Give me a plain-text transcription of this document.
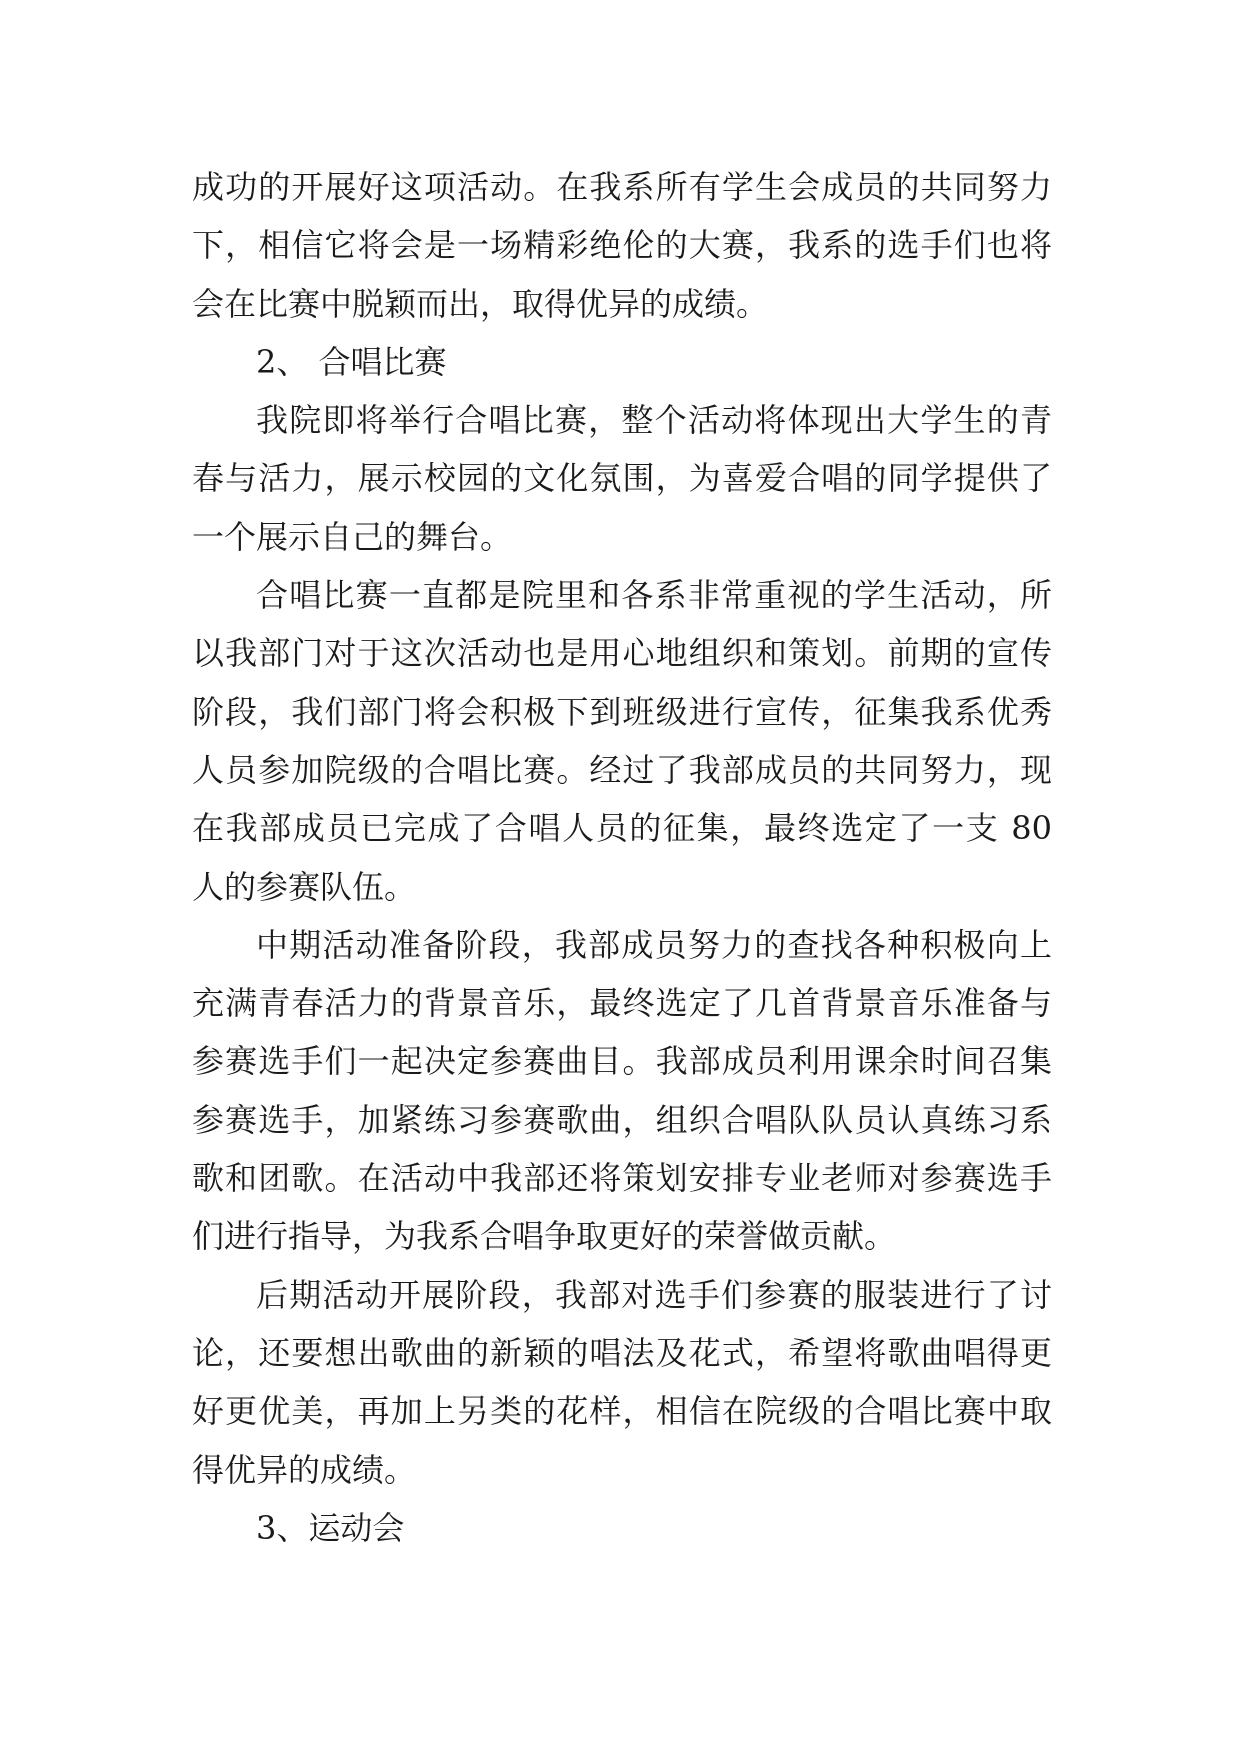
成功的开展好这项活动。在我系所有学生会成员的共同努力
下，相信它将会是一场精彩绝伦的大赛，我系的选手们也将
会在比赛中脱颖而出，取得优异的成绩。
2、 合唱比赛
我院即将举行合唱比赛，整个活动将体现出大学生的青
春与活力，展示校园的文化氛围，为喜爱合唱的同学提供了
一个展示自己的舞台。
合唱比赛一直都是院里和各系非常重视的学生活动，所
以我部门对于这次活动也是用心地组织和策划。前期的宣传
阶段，我们部门将会积极下到班级进行宣传，征集我系优秀
人员参加院级的合唱比赛。经过了我部成员的共同努力，现
在我部成员已完成了合唱人员的征集，最终选定了一支 80
人的参赛队伍。
中期活动准备阶段，我部成员努力的查找各种积极向上
充满青春活力的背景音乐，最终选定了几首背景音乐准备与
参赛选手们一起决定参赛曲目。我部成员利用课余时间召集
参赛选手，加紧练习参赛歌曲，组织合唱队队员认真练习系
歌和团歌。在活动中我部还将策划安排专业老师对参赛选手
们进行指导，为我系合唱争取更好的荣誉做贡献。
后期活动开展阶段，我部对选手们参赛的服装进行了讨
论，还要想出歌曲的新颖的唱法及花式，希望将歌曲唱得更
好更优美，再加上另类的花样，相信在院级的合唱比赛中取
得优异的成绩。
3、运动会
